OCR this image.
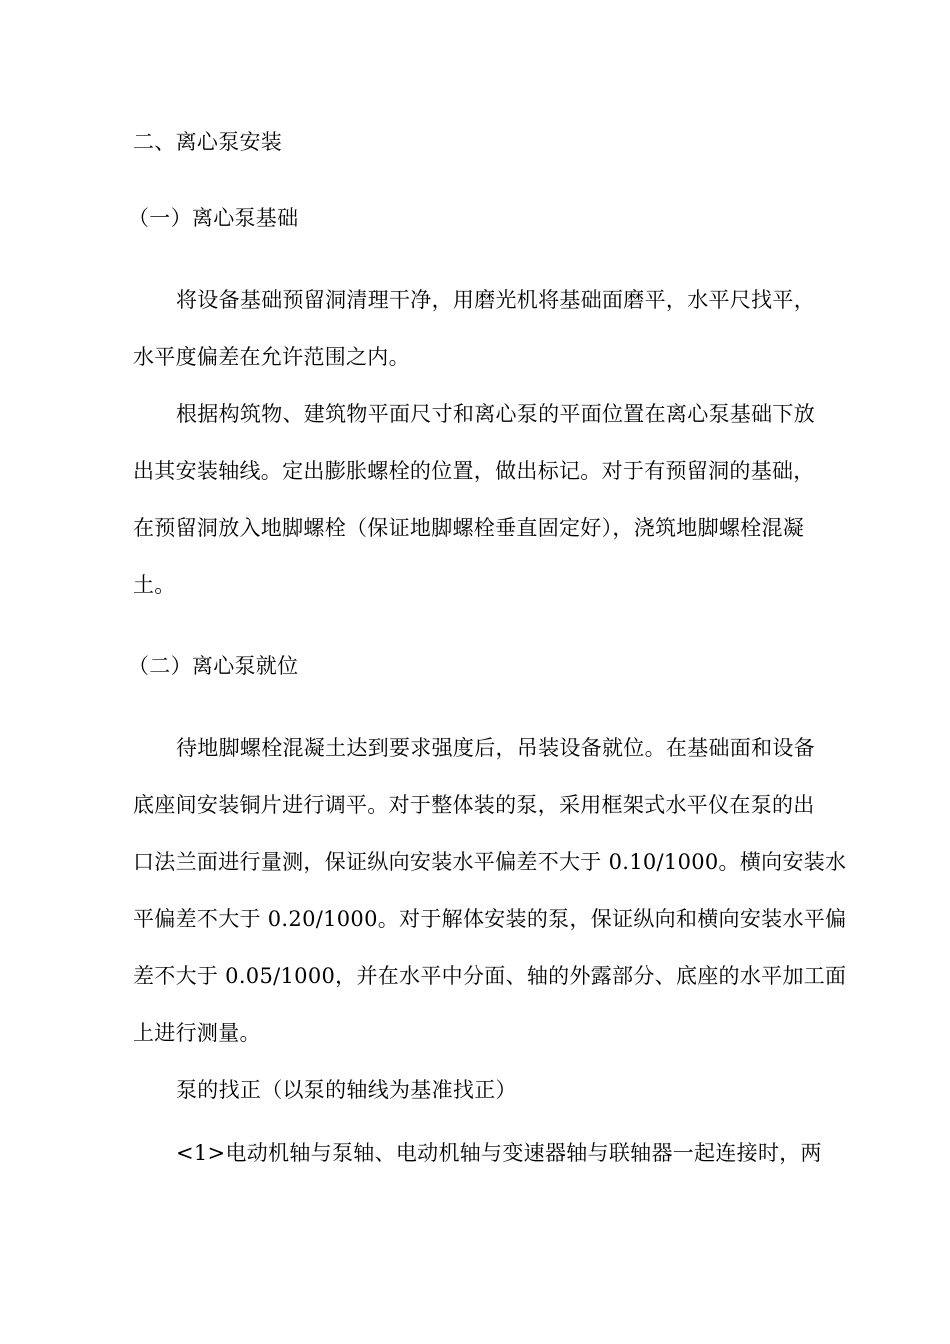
二、离心泵安装
（一）离心泵基础
将设备基础预留洞清理干净，用磨光机将基础面磨平，水平尺找平，
水平度偏差在允许范围之内。
根据构筑物、建筑物平面尺寸和离心泵的平面位置在离心泵基础下放
出其安装轴线。定出膨胀螺栓的位置，做出标记。对于有预留洞的基础，
在预留洞放入地脚螺栓（保证地脚螺栓垂直固定好），浇筑地脚螺栓混凝
土。
（二）离心泵就位
待地脚螺栓混凝土达到要求强度后，吊装设备就位。在基础面和设备
底座间安装铜片进行调平。对于整体装的泵，采用框架式水平仪在泵的出
口法兰面进行量测，保证纵向安装水平偏差不大于 0.10/1000。横向安装水
平偏差不大于 0.20/1000。对于解体安装的泵，保证纵向和横向安装水平偏
差不大于 0.05/1000，并在水平中分面、轴的外露部分、底座的水平加工面
上进行测量。
泵的找正（以泵的轴线为基准找正）
<1>电动机轴与泵轴、电动机轴与变速器轴与联轴器一起连接时，两
